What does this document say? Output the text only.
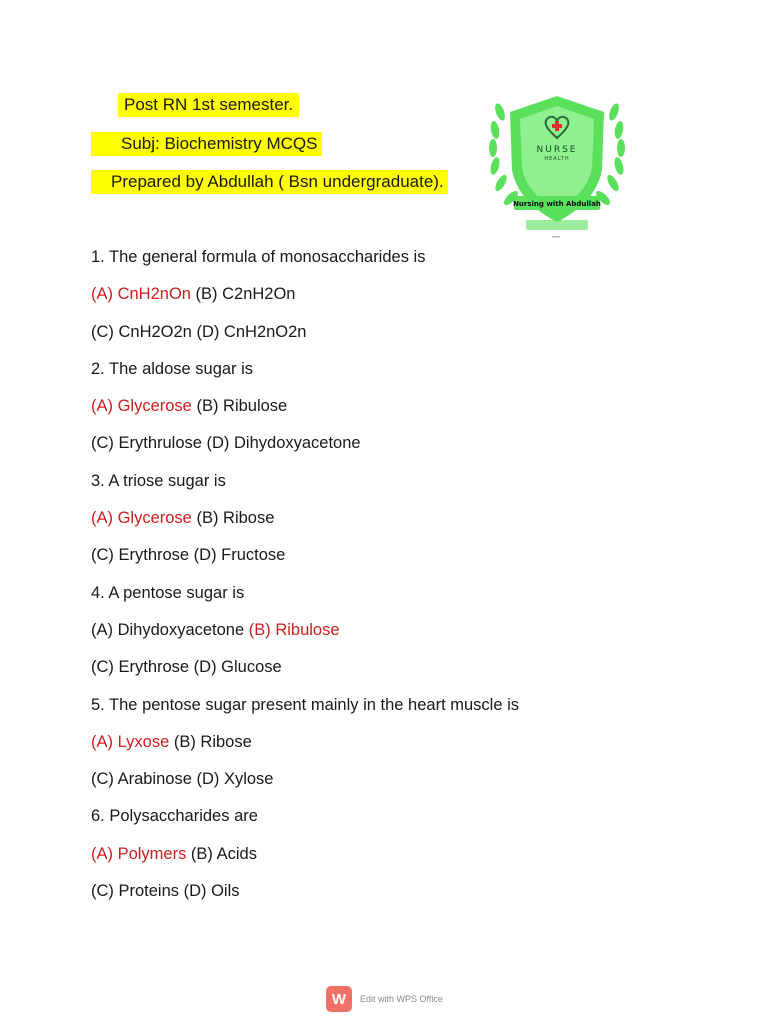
Post RN 1st semester.
Subj: Biochemistry MCQS
Prepared by Abdullah ( Bsn undergraduate).
NURSE
HEALTH
Nursing with Abdullah
1. The general formula of monosaccharides is
(A) CnH2nOn (B) C2nH2On
(C) CnH2O2n (D) CnH2nO2n
2. The aldose sugar is
(A) Glycerose (B) Ribulose
(C) Erythrulose (D) Dihydoxyacetone
3. A triose sugar is
(A) Glycerose (B) Ribose
(C) Erythrose (D) Fructose
4. A pentose sugar is
(A) Dihydoxyacetone (B) Ribulose
(C) Erythrose (D) Glucose
5. The pentose sugar present mainly in the heart muscle is
(A) Lyxose (B) Ribose
(C) Arabinose (D) Xylose
6. Polysaccharides are
(A) Polymers (B) Acids
(C) Proteins (D) Oils
W	Edit with WPS Office
